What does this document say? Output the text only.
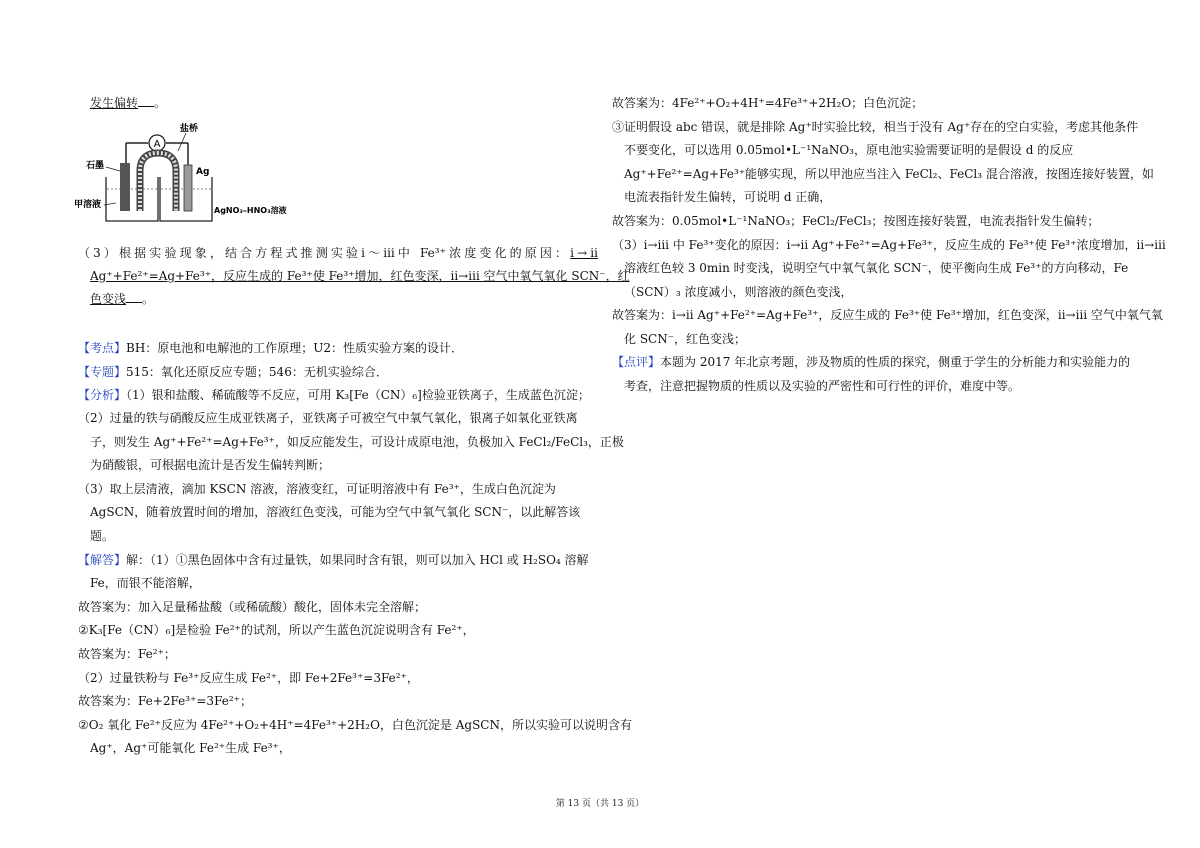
发生偏转 。
A
盐桥
石墨
Ag
甲溶液
AgNO₃–HNO₃溶液
（3）根据实验现象，结合方程式推测实验ⅰ～ⅲ中 Fe³⁺浓度变化的原因：ⅰ→ⅱ
Ag⁺+Fe²⁺=Ag+Fe³⁺，反应生成的 Fe³⁺使 Fe³⁺增加，红色变深，ⅱ→ⅲ 空气中氧气氧化 SCN⁻，红
色变浅 。
【考点】BH：原电池和电解池的工作原理；U2：性质实验方案的设计．
【专题】515：氧化还原反应专题；546：无机实验综合．
【分析】（1）银和盐酸、稀硫酸等不反应，可用 K₃[Fe（CN）₆]检验亚铁离子，生成蓝色沉淀；
（2）过量的铁与硝酸反应生成亚铁离子，亚铁离子可被空气中氧气氧化，银离子如氧化亚铁离
子，则发生 Ag⁺+Fe²⁺=Ag+Fe³⁺，如反应能发生，可设计成原电池，负极加入 FeCl₂/FeCl₃，正极
为硝酸银，可根据电流计是否发生偏转判断；
（3）取上层清液，滴加 KSCN 溶液，溶液变红，可证明溶液中有 Fe³⁺，生成白色沉淀为
AgSCN，随着放置时间的增加，溶液红色变浅，可能为空气中氧气氧化 SCN⁻，以此解答该
题。
【解答】解：（1）①黑色固体中含有过量铁，如果同时含有银，则可以加入 HCl 或 H₂SO₄ 溶解
Fe，而银不能溶解，
故答案为：加入足量稀盐酸（或稀硫酸）酸化，固体未完全溶解；
②K₃[Fe（CN）₆]是检验 Fe²⁺的试剂，所以产生蓝色沉淀说明含有 Fe²⁺，
故答案为：Fe²⁺；
（2）过量铁粉与 Fe³⁺反应生成 Fe²⁺，即 Fe+2Fe³⁺=3Fe²⁺，
故答案为：Fe+2Fe³⁺=3Fe²⁺；
②O₂ 氧化 Fe²⁺反应为 4Fe²⁺+O₂+4H⁺=4Fe³⁺+2H₂O，白色沉淀是 AgSCN，所以实验可以说明含有
Ag⁺，Ag⁺可能氧化 Fe²⁺生成 Fe³⁺，
故答案为：4Fe²⁺+O₂+4H⁺=4Fe³⁺+2H₂O；白色沉淀；
③证明假设 abc 错误，就是排除 Ag⁺时实验比较，相当于没有 Ag⁺存在的空白实验，考虑其他条件
不要变化，可以选用 0.05mol•L⁻¹NaNO₃，原电池实验需要证明的是假设 d 的反应
Ag⁺+Fe²⁺=Ag+Fe³⁺能够实现，所以甲池应当注入 FeCl₂、FeCl₃ 混合溶液，按图连接好装置，如
电流表指针发生偏转，可说明 d 正确，
故答案为：0.05mol•L⁻¹NaNO₃；FeCl₂/FeCl₃；按图连接好装置，电流表指针发生偏转；
（3）ⅰ→ⅲ 中 Fe³⁺变化的原因：ⅰ→ⅱ Ag⁺+Fe²⁺=Ag+Fe³⁺，反应生成的 Fe³⁺使 Fe³⁺浓度增加，ⅱ→ⅲ
溶液红色较 3 0min 时变浅，说明空气中氧气氧化 SCN⁻，使平衡向生成 Fe³⁺的方向移动，Fe
（SCN）₃ 浓度减小，则溶液的颜色变浅，
故答案为：ⅰ→ⅱ Ag⁺+Fe²⁺=Ag+Fe³⁺，反应生成的 Fe³⁺使 Fe³⁺增加，红色变深，ⅱ→ⅲ 空气中氧气氧
化 SCN⁻，红色变浅；
【点评】本题为 2017 年北京考题，涉及物质的性质的探究，侧重于学生的分析能力和实验能力的
考查，注意把握物质的性质以及实验的严密性和可行性的评价，难度中等。
第 13 页（共 13 页）
